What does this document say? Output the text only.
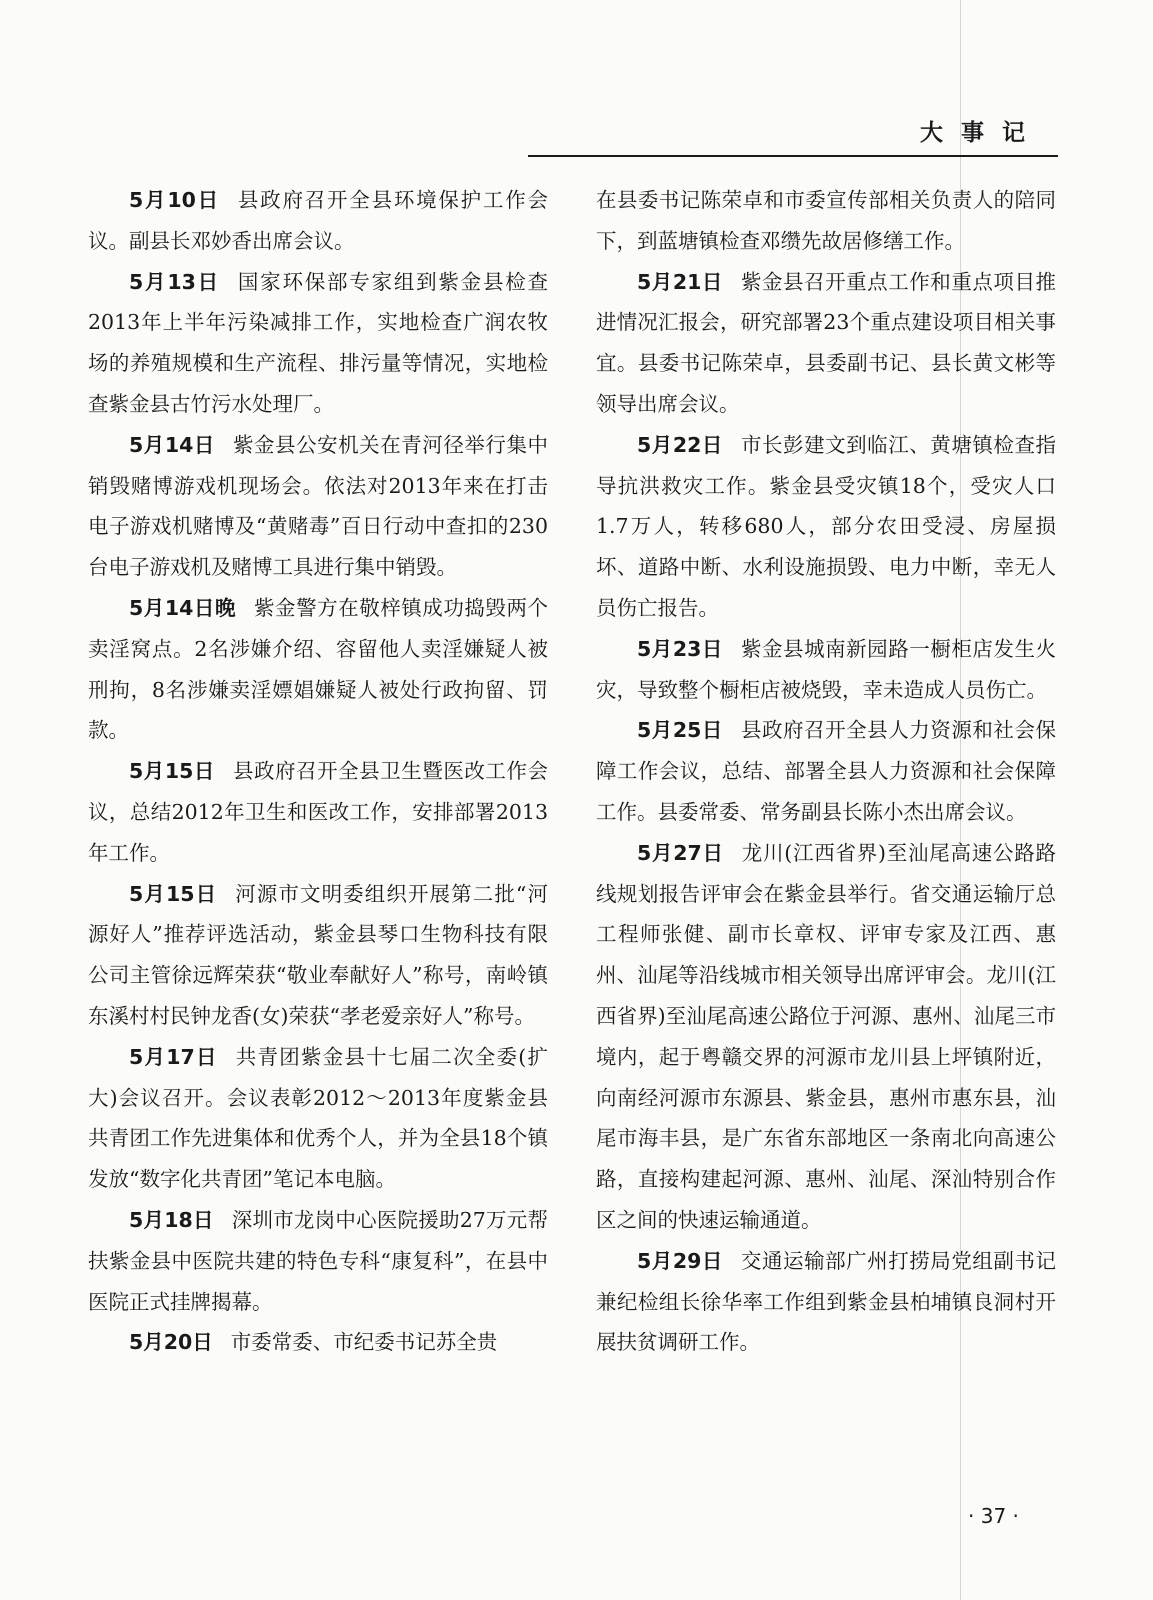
大事记

5月10日 县政府召开全县环境保护工作会议。副县长邓妙香出席会议。

5月13日 国家环保部专家组到紫金县检查2013年上半年污染减排工作，实地检查广润农牧场的养殖规模和生产流程、排污量等情况，实地检查紫金县古竹污水处理厂。

5月14日 紫金县公安机关在青河径举行集中销毁赌博游戏机现场会。依法对2013年来在打击电子游戏机赌博及“黄赌毒”百日行动中查扣的230台电子游戏机及赌博工具进行集中销毁。

5月14日晚 紫金警方在敬梓镇成功捣毁两个卖淫窝点。2名涉嫌介绍、容留他人卖淫嫌疑人被刑拘，8名涉嫌卖淫嫖娼嫌疑人被处行政拘留、罚款。

5月15日 县政府召开全县卫生暨医改工作会议，总结2012年卫生和医改工作，安排部署2013年工作。

5月15日 河源市文明委组织开展第二批“河源好人”推荐评选活动，紫金县琴口生物科技有限公司主管徐远辉荣获“敬业奉献好人”称号，南岭镇东溪村村民钟龙香(女)荣获“孝老爱亲好人”称号。

5月17日 共青团紫金县十七届二次全委(扩大)会议召开。会议表彰2012～2013年度紫金县共青团工作先进集体和优秀个人，并为全县18个镇发放“数字化共青团”笔记本电脑。

5月18日 深圳市龙岗中心医院援助27万元帮扶紫金县中医院共建的特色专科“康复科”，在县中医院正式挂牌揭幕。

5月20日 市委常委、市纪委书记苏全贵

在县委书记陈荣卓和市委宣传部相关负责人的陪同下，到蓝塘镇检查邓缵先故居修缮工作。

5月21日 紫金县召开重点工作和重点项目推进情况汇报会，研究部署23个重点建设项目相关事宜。县委书记陈荣卓，县委副书记、县长黄文彬等领导出席会议。

5月22日 市长彭建文到临江、黄塘镇检查指导抗洪救灾工作。紫金县受灾镇18个，受灾人口1.7万人，转移680人，部分农田受浸、房屋损坏、道路中断、水利设施损毁、电力中断，幸无人员伤亡报告。

5月23日 紫金县城南新园路一橱柜店发生火灾，导致整个橱柜店被烧毁，幸未造成人员伤亡。

5月25日 县政府召开全县人力资源和社会保障工作会议，总结、部署全县人力资源和社会保障工作。县委常委、常务副县长陈小杰出席会议。

5月27日 龙川(江西省界)至汕尾高速公路路线规划报告评审会在紫金县举行。省交通运输厅总工程师张健、副市长章权、评审专家及江西、惠州、汕尾等沿线城市相关领导出席评审会。龙川(江西省界)至汕尾高速公路位于河源、惠州、汕尾三市境内，起于粤赣交界的河源市龙川县上坪镇附近，向南经河源市东源县、紫金县，惠州市惠东县，汕尾市海丰县，是广东省东部地区一条南北向高速公路，直接构建起河源、惠州、汕尾、深汕特别合作区之间的快速运输通道。

5月29日 交通运输部广州打捞局党组副书记兼纪检组长徐华率工作组到紫金县柏埔镇良洞村开展扶贫调研工作。

· 37 ·
